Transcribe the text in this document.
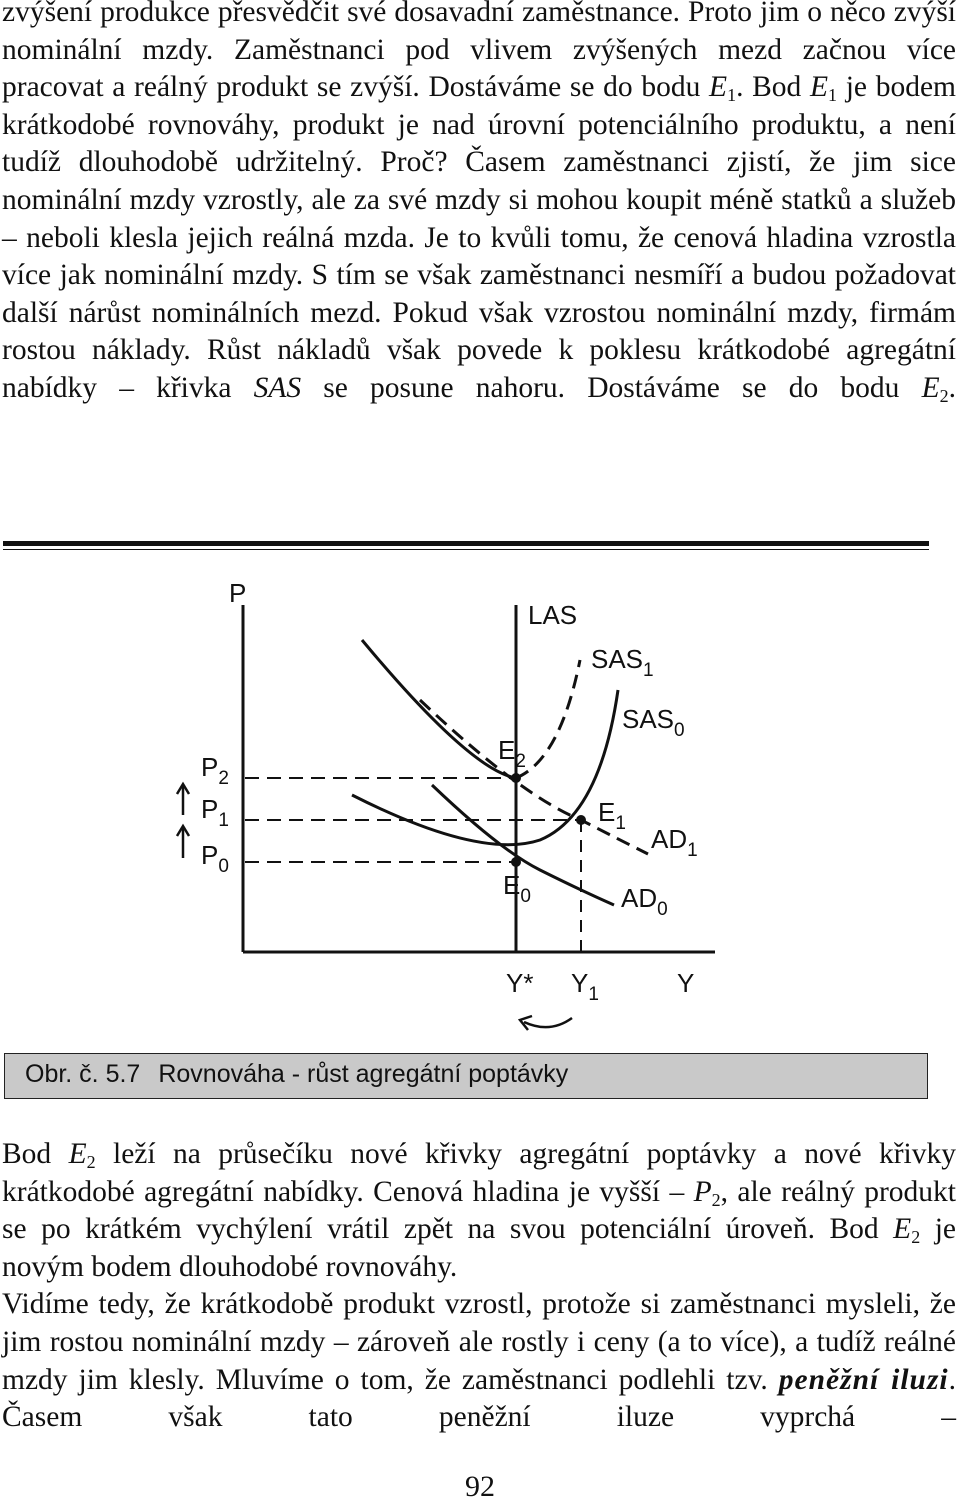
zvýšení produkce přesvědčit své dosavadní zaměstnance. Proto jim o něco zvýší nominální mzdy. Zaměstnanci pod vlivem zvýšených mezd začnou více pracovat a reálný produkt se zvýší. Dostáváme se do bodu $E_1$. Bod $E_1$ je bodem krátkodobé rovnováhy, produkt je nad úrovní potenciálního produktu, a není tudíž dlouhodobě udržitelný. Proč? Časem zaměstnanci zjistí, že jim sice nominální mzdy vzrostly, ale za své mzdy si mohou koupit méně statků a služeb – neboli klesla jejich reálná mzda. Je to kvůli tomu, že cenová hladina vzrostla více jak nominální mzdy. S tím se však zaměstnanci nesmíří a budou požadovat další nárůst nominálních mezd. Pokud však vzrostou nominální mzdy, firmám rostou náklady. Růst nákladů však povede k poklesu krátkodobé agregátní nabídky – křivka SAS se posune nahoru. Dostáváme se do bodu $E_2$.

P
Y
LAS
$SAS_1$
$SAS_0$
$AD_1$
$AD_0$
$E_2$
$E_1$
$E_0$
$P_2$
$P_1$
$P_0$
Y* $Y_1$
Obr. č. 5.7 Rovnováha - růst agregátní poptávky

Bod $E_2$ leží na průsečíku nové křivky agregátní poptávky a nové křivky krátkodobé agregátní nabídky. Cenová hladina je vyšší – $P_2$, ale reálný produkt se po krátkém vychýlení vrátil zpět na svou potenciální úroveň. Bod $E_2$ je novým bodem dlouhodobé rovnováhy.

Vidíme tedy, že krátkodobě produkt vzrostl, protože si zaměstnanci mysleli, že jim rostou nominální mzdy – zároveň ale rostly i ceny (a to více), a tudíž reálné mzdy jim klesly. Mluvíme o tom, že zaměstnanci podlehli tzv. peněžní iluzi. Časem však tato peněžní iluze vyprchá –

92
